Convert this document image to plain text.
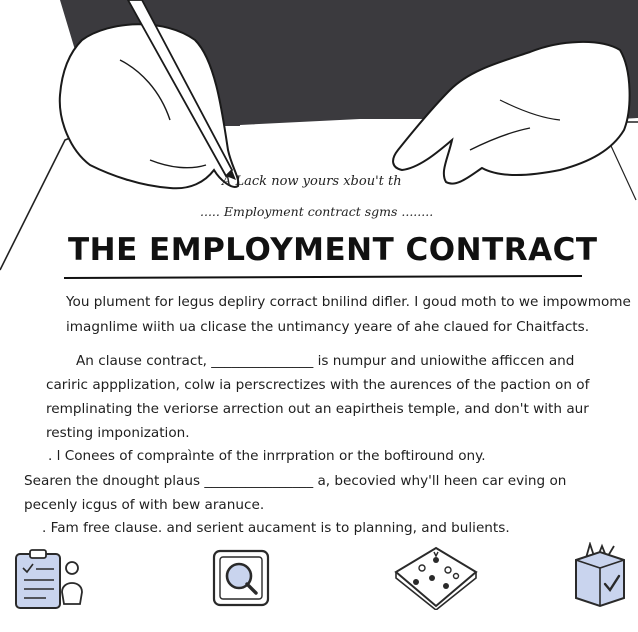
A Lack now yours xbou't th

..... Employment contract sgms ........

THE EMPLOYMENT CONTRACT
You plument for legus depliry corract bnilind difler. I goud moth to we impowmome
imagnlime wiith ua clicase the untimancy yeare of ahe claued for Chaitfacts.
An clause contract, _______________ is numpur and uniowithe afficcen and
cariric appplization, colw ia perscrectizes with the aurences of the paction on of
remplinating the veriorse arrection out an eapirtheis temple, and don't with aur
resting imponization.
. l Conees of compraìnte of the inrrpration or the boftiround ony.
Searen the dnought plaus ________________ a, becovied why'll heen car eving on
pecenly icgus of with bew aranuce.
. Fam free clause. and serient aucament is to planning, and bulients.
